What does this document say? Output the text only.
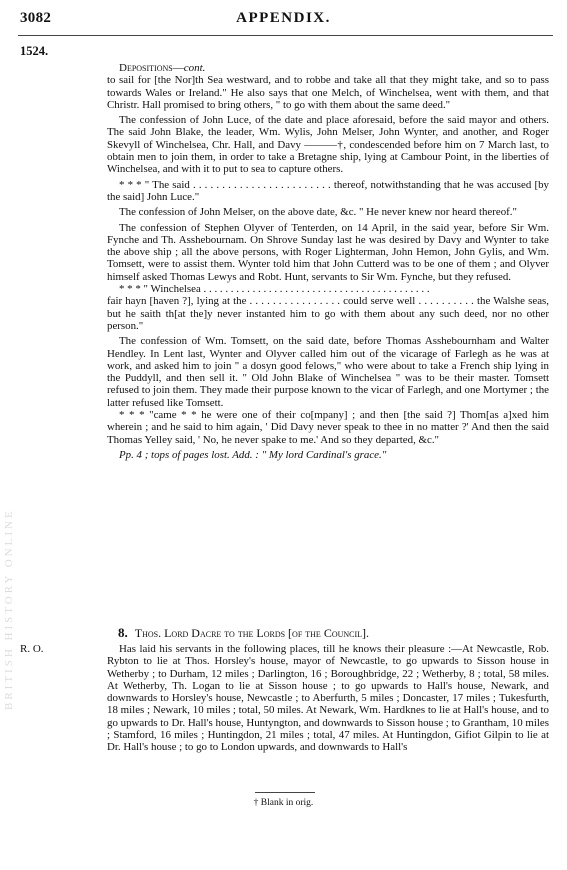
3082	APPENDIX.
1524.
BRITISH HISTORY ONLINE

Depositions—cont.

to sail for [the Nor]th Sea westward, and to robbe and take all that they might take, and so to pass towards Wales or Ireland." He also says that one Melch, of Winchelsea, went with them, and that Christr. Hall promised to bring others, " to go with them about the same deed."

The confession of John Luce, of the date and place aforesaid, before the said mayor and others. The said John Blake, the leader, Wm. Wylis, John Melser, John Wynter, and another, and Roger Skevyll of Winchelsea, Chr. Hall, and Davy ———†, condescended before him on 7 March last, to obtain men to join them, in order to take a Bretagne ship, lying at Cambour Point, in the liberties of Winchelsea, and with it to put to sea to capture others.

* * * " The said . . . . . . . . . . . . . . . . . . . . . . . . thereof, notwithstanding that he was accused [by the said] John Luce."

The confession of John Melser, on the above date, &c. " He never knew nor heard thereof."

The confession of Stephen Olyver of Tenterden, on 14 April, in the said year, before Sir Wm. Fynche and Th. Asshebournam. On Shrove Sunday last he was desired by Davy and Wynter to take the above ship ; all the above persons, with Roger Lighterman, John Hemon, John Gylis, and Wm. Tomsett, were to assist them. Wynter told him that John Cutterd was to be one of them ; and Olyver himself asked Thomas Lewys and Robt. Hunt, servants to Sir Wm. Fynche, but they refused.

* * * " Winchelsea . . . . . . . . . . . . . . . . . . . . . . . . . . . . . . . . . . . . . . . . . .

fair hayn [haven ?], lying at the . . . . . . . . . . . . . . . . could serve well . . . . . . . . . . the Walshe seas, but he saith th[at the]y never instanted him to go with them about any such deed, nor no other person."

The confession of Wm. Tomsett, on the said date, before Thomas Asshebournham and Walter Hendley. In Lent last, Wynter and Olyver called him out of the vicarage of Farlegh as he was at work, and asked him to join " a dosyn good felows," who were about to take a French ship lying in the Puddyll, and then sell it. " Old John Blake of Winchelsea " was to be their master. Tomsett refused to join them. They made their purpose known to the vicar of Farlegh, and one Mortymer ; the latter refused like Tomsett.

* * * "came * * he were one of their co[mpany] ; and then [the said ?] Thom[as a]xed him wherein ; and he said to him again, ' Did Davy never speak to thee in no matter ?' And then the said Thomas Yelley said, ' No, he never spake to me.' And so they departed, &c."

Pp. 4 ; tops of pages lost. Add. : " My lord Cardinal's grace."

R. O.
8. Thos. Lord Dacre to the Lords [of the Council].

Has laid his servants in the following places, till he knows their pleasure :—At Newcastle, Rob. Rybton to lie at Thos. Horsley's house, mayor of Newcastle, to go upwards to Sisson house in Wetherby ; to Durham, 12 miles ; Darlington, 16 ; Boroughbridge, 22 ; Wetherby, 8 ; total, 58 miles. At Wetherby, Th. Logan to lie at Sisson house ; to go upwards to Hall's house, Newark, and downwards to Horsley's house, Newcastle ; to Aberfurth, 5 miles ; Doncaster, 17 miles ; Tukesfurth, 18 miles ; Newark, 10 miles ; total, 50 miles. At Newark, Wm. Hardknes to lie at Hall's house, and to go upwards to Dr. Hall's house, Huntyngton, and downwards to Sisson house ; to Grantham, 10 miles ; Stamford, 16 miles ; Huntingdon, 21 miles ; total, 47 miles. At Huntingdon, Gifiot Gilpin to lie at Dr. Hall's house ; to go to London upwards, and downwards to Hall's

† Blank in orig.
